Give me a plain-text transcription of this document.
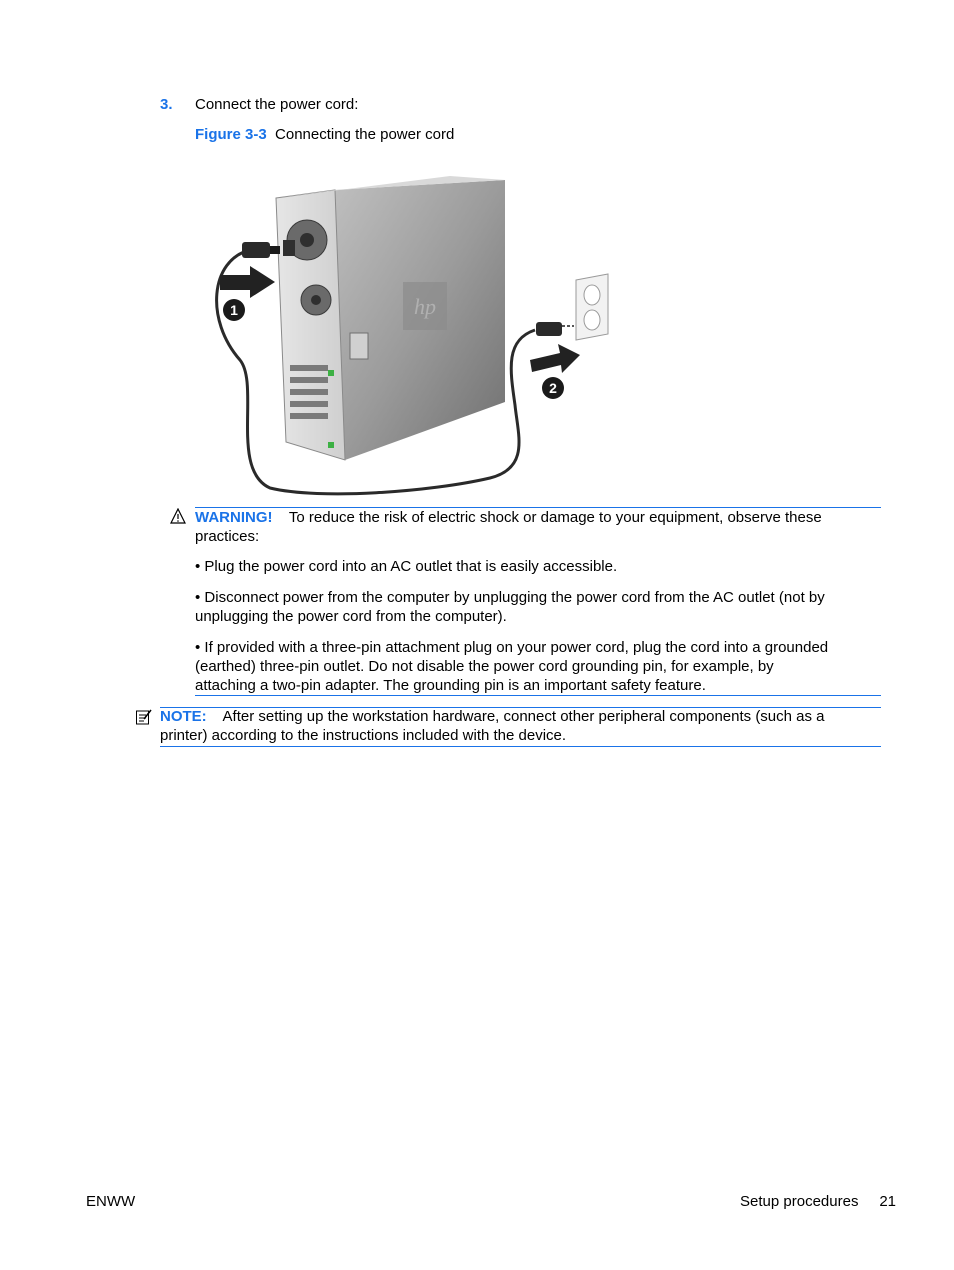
3. Connect the power cord:
Figure 3-3 Connecting the power cord
hp
1
2
WARNING! To reduce the risk of electric shock or damage to your equipment, observe these
practices:
• Plug the power cord into an AC outlet that is easily accessible.
• Disconnect power from the computer by unplugging the power cord from the AC outlet (not by
unplugging the power cord from the computer).
• If provided with a three-pin attachment plug on your power cord, plug the cord into a grounded
(earthed) three-pin outlet. Do not disable the power cord grounding pin, for example, by
attaching a two-pin adapter. The grounding pin is an important safety feature.
NOTE: After setting up the workstation hardware, connect other peripheral components (such as a
printer) according to the instructions included with the device.
ENWW	Setup procedures 21
